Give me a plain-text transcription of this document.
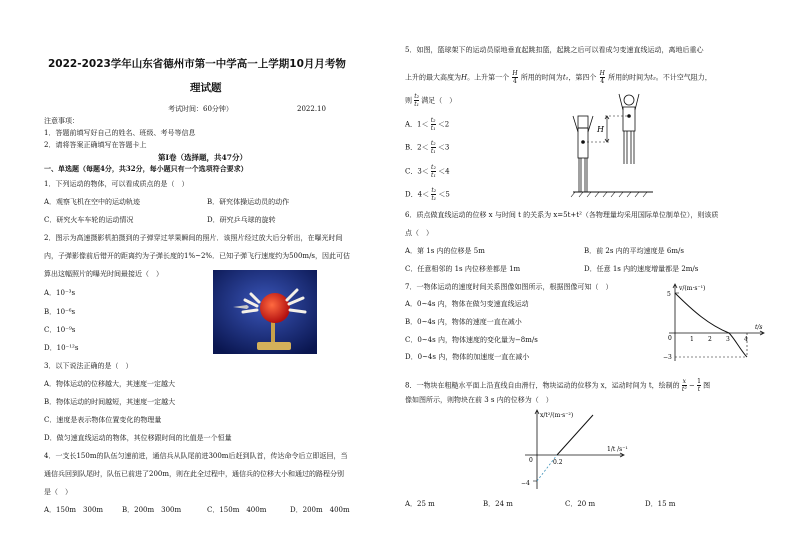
2022-2023学年山东省德州市第一中学高一上学期10月月考物
理试题
考试时间：60分钟）	2022.10
注意事项：
1．答题前填写好自己的姓名、班级、考号等信息
2．请将答案正确填写在答题卡上
第Ⅰ卷（选择题，共47分）
一、单选题（每题4分，共32分，每小题只有一个选项符合要求）
1．下列运动的物体，可以看成质点的是（　）
A．观察飞机在空中的运动轨迹	B．研究体操运动员的动作
C．研究火车车轮的运动情况	D．研究乒乓球的旋转
2．图示为高速摄影机拍摄到的子弹穿过苹果瞬间的照片．该照片经过放大后分析出，在曝光时间
内，子弹影像前后错开的距离约为子弹长度的1%~2%．已知子弹飞行速度约为500m/s，因此可估
算出这幅照片的曝光时间最接近（　）
A．10⁻³s
B．10⁻⁶s
C．10⁻⁹s
D．10⁻¹²s
3．以下说法正确的是（　）
A．物体运动的位移越大，其速度一定越大
B．物体运动的时间越短，其速度一定越大
C．速度是表示物体位置变化的物理量
D．做匀速直线运动的物体，其位移跟时间的比值是一个恒量
4．一支长150m的队伍匀速前进，通信兵从队尾前进300m后赶到队首，传达命令后立即返回，当
通信兵回到队尾时，队伍已前进了200m，则在此全过程中，通信兵的位移大小和通过的路程分别
是（　）
A．150m　300m	B．200m　300m	C．150m　400m	D．200m　400m
5．如图，篮球架下的运动员原地垂直起跳扣篮，起跳之后可以看成匀变速直线运动，离地后重心
上升的最大高度为H。上升第一个 $\frac{H}{4}$ 所用的时间为t₁，第四个 $\frac{H}{4}$ 所用的时间为t₂。不计空气阻力，
则 $\frac{\text{t₂}}{\text{t₁}}$ 满足（　）
A．$1< \frac{\text{t₂}}{\text{t₁}} <2$
B．$2< \frac{\text{t₂}}{\text{t₁}} <3$
C．$3< \frac{\text{t₂}}{\text{t₁}} <4$
D．$4< \frac{\text{t₂}}{\text{t₁}} <5$
H
6．质点做直线运动的位移 x 与时间 t 的关系为 x=5t+t²（各物理量均采用国际单位制单位），则该质
点（　）
A．第 1s 内的位移是 5m	B．前 2s 内的平均速度是 6m/s
C．任意相邻的 1s 内位移差都是 1m	D．任意 1s 内的速度增量都是 2m/s
7．一物体运动的速度时间关系图像如图所示，根据图像可知（　）
A．0~4s 内，物体在做匀变速直线运动
B．0~4s 内，物体的速度一直在减小
C．0~4s 内，物体速度的变化量为−8m/s
D．0~4s 内，物体的加速度一直在减小
v/(m·s⁻¹)
t/s
5
−3
0	1 2 3 4
8．一物块在粗糙水平面上沿直线自由滑行，物块运动的位移为 x，运动时间为 t，绘制的 $\frac{x}{\text{t²}} - \frac{1}{t}$ 图
像如图所示，则物块在前 3 s 内的位移为（　）
x/t²/(m·s⁻²)
1/t /s⁻¹
0	0.2
−4
A．25 m	B．24 m	C．20 m	D．15 m
